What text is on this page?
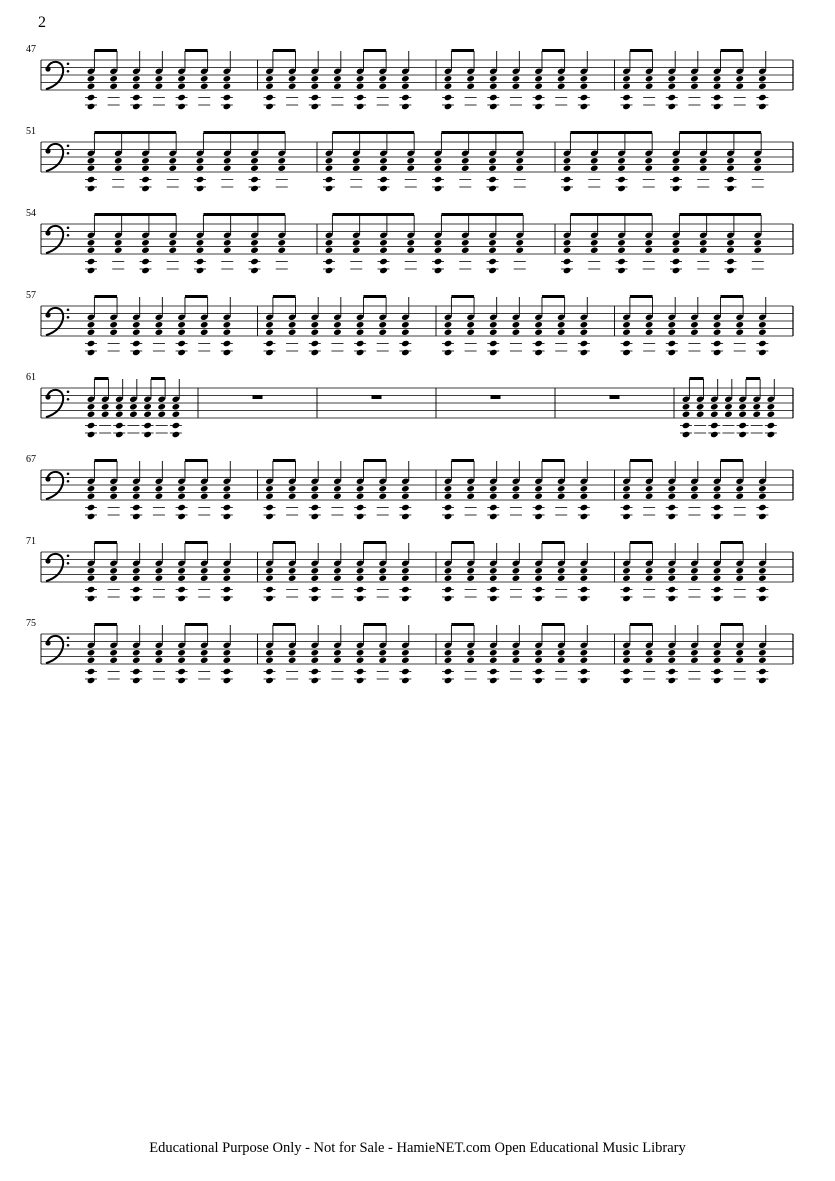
2
47
51
54
57
61
67
71
75
Educational Purpose Only - Not for Sale - HamieNET.com Open Educational Music Library
